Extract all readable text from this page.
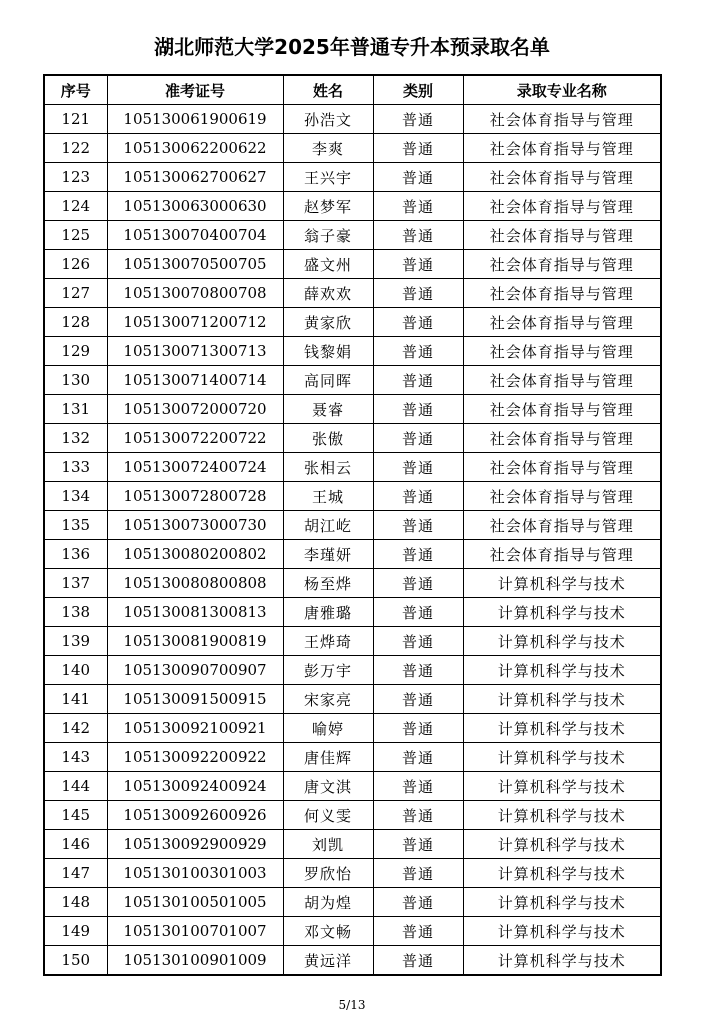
湖北师范大学2025年普通专升本预录取名单
序号	准考证号	姓名	类别	录取专业名称
121	105130061900619	孙浩文	普通	社会体育指导与管理
122	105130062200622	李爽	普通	社会体育指导与管理
123	105130062700627	王兴宇	普通	社会体育指导与管理
124	105130063000630	赵梦军	普通	社会体育指导与管理
125	105130070400704	翁子豪	普通	社会体育指导与管理
126	105130070500705	盛文州	普通	社会体育指导与管理
127	105130070800708	薛欢欢	普通	社会体育指导与管理
128	105130071200712	黄家欣	普通	社会体育指导与管理
129	105130071300713	钱黎娟	普通	社会体育指导与管理
130	105130071400714	高同晖	普通	社会体育指导与管理
131	105130072000720	聂睿	普通	社会体育指导与管理
132	105130072200722	张傲	普通	社会体育指导与管理
133	105130072400724	张相云	普通	社会体育指导与管理
134	105130072800728	王城	普通	社会体育指导与管理
135	105130073000730	胡江屹	普通	社会体育指导与管理
136	105130080200802	李瑾妍	普通	社会体育指导与管理
137	105130080800808	杨至烨	普通	计算机科学与技术
138	105130081300813	唐雅璐	普通	计算机科学与技术
139	105130081900819	王烨琦	普通	计算机科学与技术
140	105130090700907	彭万宇	普通	计算机科学与技术
141	105130091500915	宋家亮	普通	计算机科学与技术
142	105130092100921	喻婷	普通	计算机科学与技术
143	105130092200922	唐佳辉	普通	计算机科学与技术
144	105130092400924	唐文淇	普通	计算机科学与技术
145	105130092600926	何义雯	普通	计算机科学与技术
146	105130092900929	刘凯	普通	计算机科学与技术
147	105130100301003	罗欣怡	普通	计算机科学与技术
148	105130100501005	胡为煌	普通	计算机科学与技术
149	105130100701007	邓文畅	普通	计算机科学与技术
150	105130100901009	黄远洋	普通	计算机科学与技术
5/13
